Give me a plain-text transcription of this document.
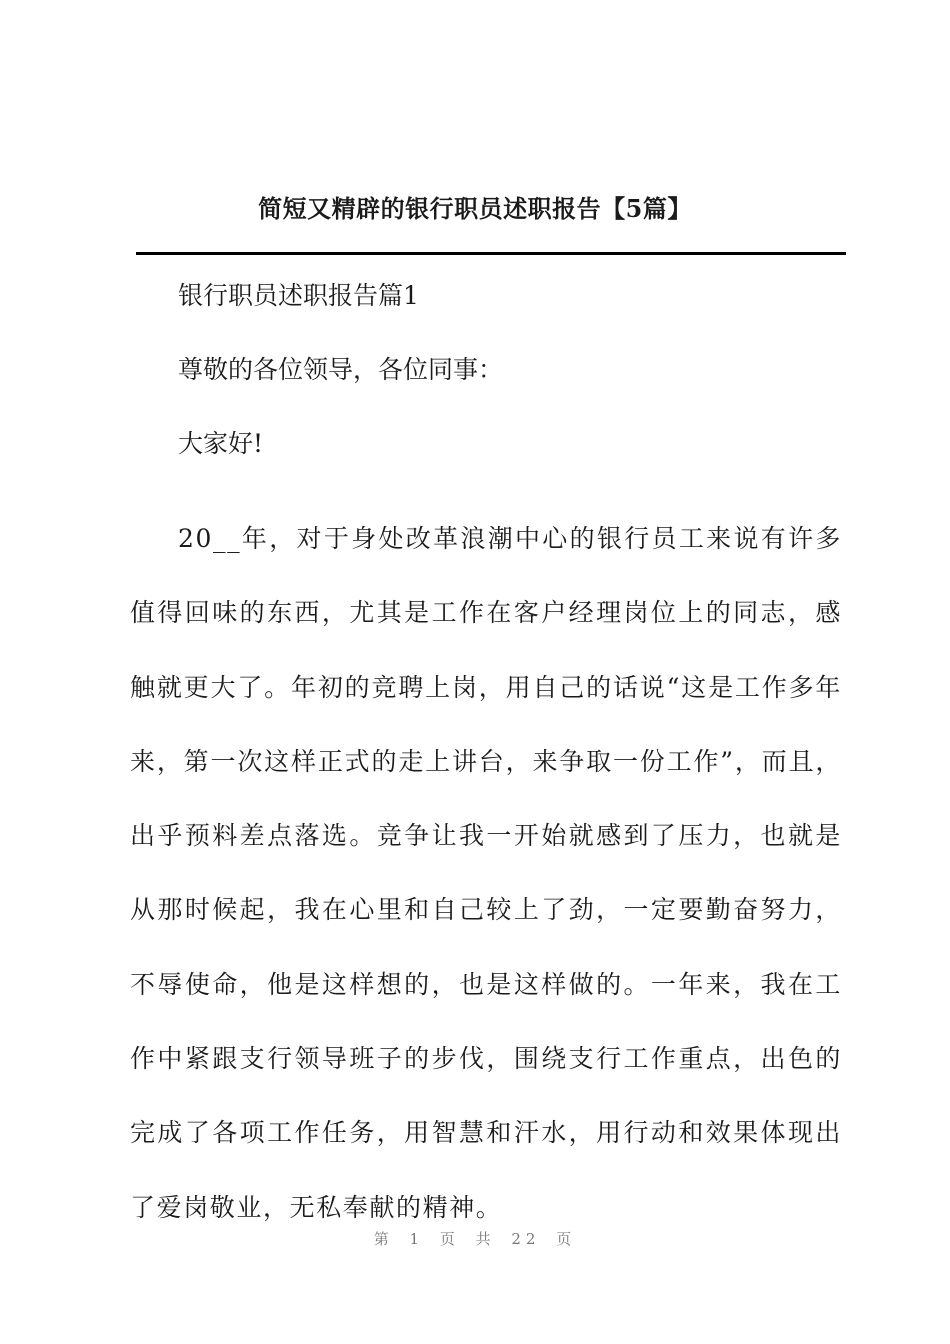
简短又精辟的银行职员述职报告【5篇】
银行职员述职报告篇1
尊敬的各位领导，各位同事：
大家好!

20__年，对于身处改革浪潮中心的银行员工来说有许多值得回味的东西，尤其是工作在客户经理岗位上的同志，感触就更大了。年初的竞聘上岗，用自己的话说“这是工作多年来，第一次这样正式的走上讲台，来争取一份工作”，而且，出乎预料差点落选。竞争让我一开始就感到了压力，也就是从那时候起，我在心里和自己较上了劲，一定要勤奋努力，不辱使命，他是这样想的，也是这样做的。一年来，我在工作中紧跟支行领导班子的步伐，围绕支行工作重点，出色的完成了各项工作任务，用智慧和汗水，用行动和效果体现出了爱岗敬业，无私奉献的精神。

第 1 页 共 22 页
